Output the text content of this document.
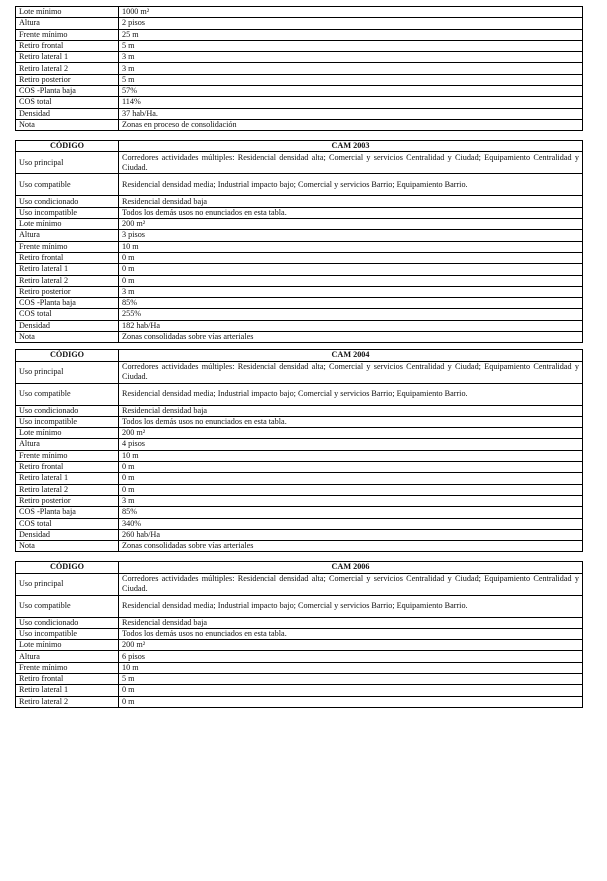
Lote mínimo	1000 m²
Altura	2 pisos
Frente mínimo	25 m
Retiro frontal	5 m
Retiro lateral 1	3 m
Retiro lateral 2	3 m
Retiro posterior	5 m
COS -Planta baja	57%
COS total	114%
Densidad	37 hab/Ha.
Nota	Zonas en proceso de consolidación
CÓDIGO	CAM 2003
Uso principal	Corredores actividades múltiples: Residencial densidad alta; Comercial y servicios Centralidad y Ciudad; Equipamiento Centralidad y Ciudad.
Uso compatible	Residencial densidad media; Industrial impacto bajo; Comercial y servicios Barrio; Equipamiento Barrio.
Uso condicionado	Residencial densidad baja
Uso incompatible	Todos los demás usos no enunciados en esta tabla.
Lote mínimo	200 m²
Altura	3 pisos
Frente mínimo	10 m
Retiro frontal	0 m
Retiro lateral 1	0 m
Retiro lateral 2	0 m
Retiro posterior	3 m
COS -Planta baja	85%
COS total	255%
Densidad	182 hab/Ha
Nota	Zonas consolidadas sobre vías arteriales
CÓDIGO	CAM 2004
Uso principal	Corredores actividades múltiples: Residencial densidad alta; Comercial y servicios Centralidad y Ciudad; Equipamiento Centralidad y Ciudad.
Uso compatible	Residencial densidad media; Industrial impacto bajo; Comercial y servicios Barrio; Equipamiento Barrio.
Uso condicionado	Residencial densidad baja
Uso incompatible	Todos los demás usos no enunciados en esta tabla.
Lote mínimo	200 m²
Altura	4 pisos
Frente mínimo	10 m
Retiro frontal	0 m
Retiro lateral 1	0 m
Retiro lateral 2	0 m
Retiro posterior	3 m
COS -Planta baja	85%
COS total	340%
Densidad	260 hab/Ha
Nota	Zonas consolidadas sobre vías arteriales
CÓDIGO	CAM 2006
Uso principal	Corredores actividades múltiples: Residencial densidad alta; Comercial y servicios Centralidad y Ciudad; Equipamiento Centralidad y Ciudad.
Uso compatible	Residencial densidad media; Industrial impacto bajo; Comercial y servicios Barrio; Equipamiento Barrio.
Uso condicionado	Residencial densidad baja
Uso incompatible	Todos los demás usos no enunciados en esta tabla.
Lote mínimo	200 m²
Altura	6 pisos
Frente mínimo	10 m
Retiro frontal	5 m
Retiro lateral 1	0 m
Retiro lateral 2	0 m
